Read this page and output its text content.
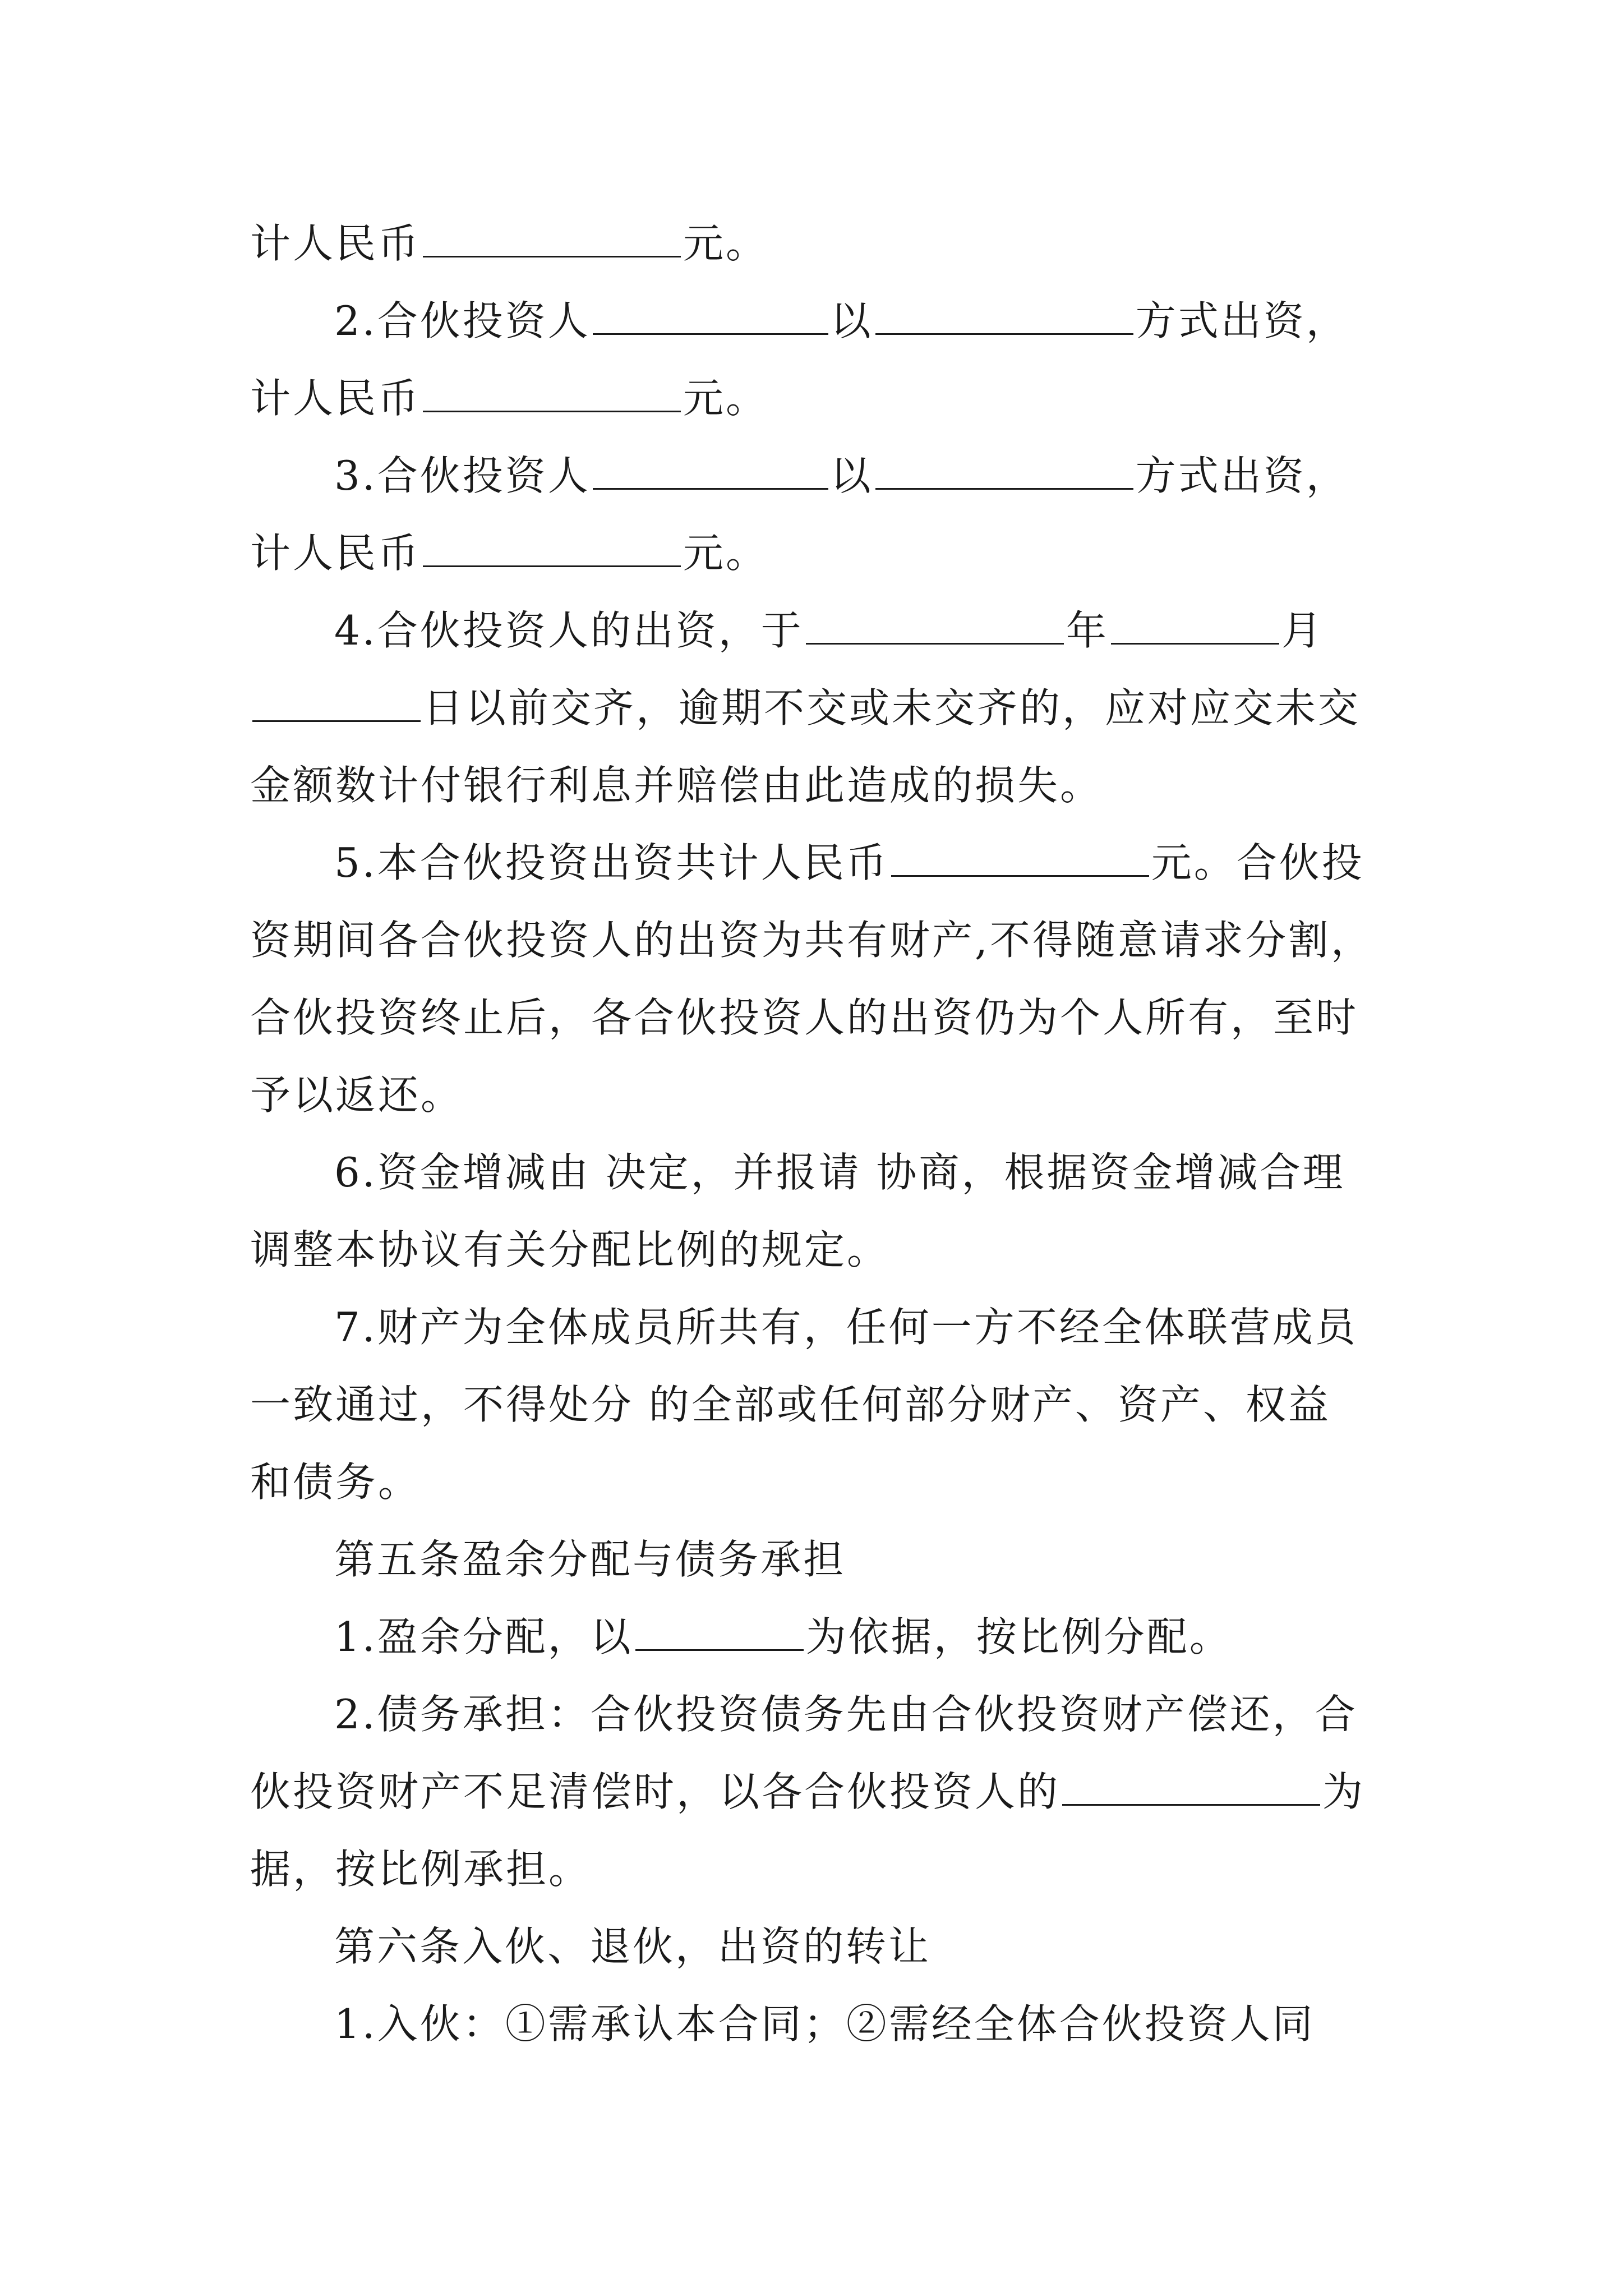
计人民币	元。
2.合伙投资人	以	方式出资，
计人民币	元。
3.合伙投资人	以	方式出资，
计人民币	元。
4.合伙投资人的出资，于	年	月
日以前交齐，逾期不交或未交齐的，应对应交未交
金额数计付银行利息并赔偿由此造成的损失。
5.本合伙投资出资共计人民币	元。合伙投
资期间各合伙投资人的出资为共有财产,不得随意请求分割，
合伙投资终止后，各合伙投资人的出资仍为个人所有，至时
予以返还。
6.资金增减由 决定，并报请 协商，根据资金增减合理
调整本协议有关分配比例的规定。
7.财产为全体成员所共有，任何一方不经全体联营成员
一致通过，不得处分 的全部或任何部分财产、资产、权益
和债务。
第五条盈余分配与债务承担
1.盈余分配，以	为依据，按比例分配。
2.债务承担：合伙投资债务先由合伙投资财产偿还，合
伙投资财产不足清偿时，以各合伙投资人的	为
据，按比例承担。
第六条入伙、退伙，出资的转让
1.入伙：①需承认本合同；②需经全体合伙投资人同
